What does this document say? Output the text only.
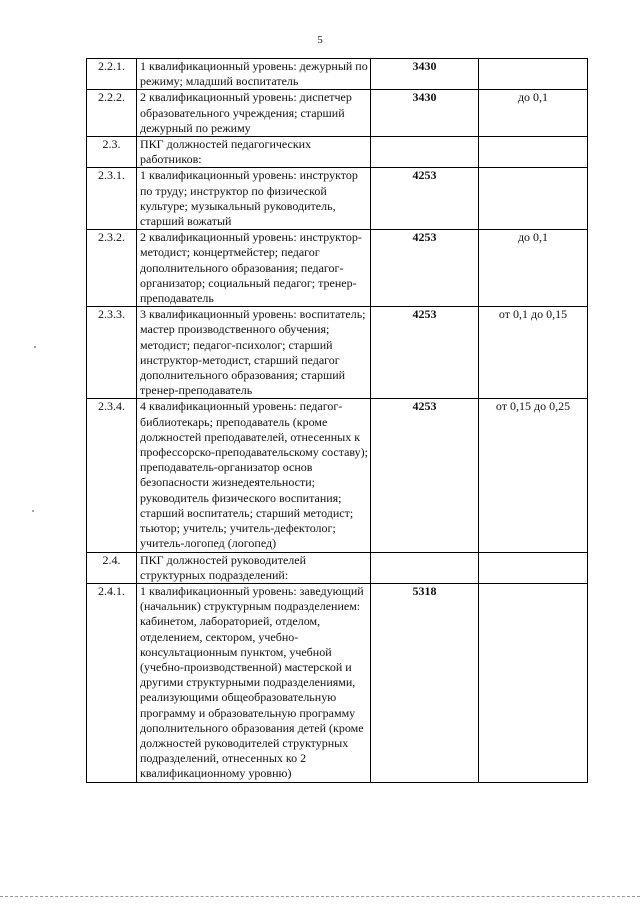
5
2.2.1.	1 квалификационный уровень: дежурный по режиму; младший воспитатель	3430	
2.2.2.	2 квалификационный уровень: диспетчер образовательного учреждения; старший дежурный по режиму	3430	до 0,1
2.3.	ПКГ должностей педагогических работников:		
2.3.1.	1 квалификационный уровень: инструктор по труду; инструктор по физической культуре; музыкальный руководитель, старший вожатый	4253	
2.3.2.	2 квалификационный уровень: инструктор-методист; концертмейстер; педагог дополнительного образования; педагог-организатор; социальный педагог; тренер-преподаватель	4253	до 0,1
2.3.3.	3 квалификационный уровень: воспитатель; мастер производственного обучения; методист; педагог-психолог; старший инструктор-методист, старший педагог дополнительного образования; старший тренер-преподаватель	4253	от 0,1 до 0,15
2.3.4.	4 квалификационный уровень: педагог-библиотекарь; преподаватель (кроме должностей преподавателей, отнесенных к профессорско-преподавательскому составу); преподаватель-организатор основ безопасности жизнедеятельности; руководитель физического воспитания; старший воспитатель; старший методист; тьютор; учитель; учитель-дефектолог; учитель-логопед (логопед)	4253	от 0,15 до 0,25
2.4.	ПКГ должностей руководителей структурных подразделений:		
2.4.1.	1 квалификационный уровень: заведующий (начальник) структурным подразделением: кабинетом, лабораторией, отделом, отделением, сектором, учебно-консультационным пунктом, учебной (учебно-производственной) мастерской и другими структурными подразделениями, реализующими общеобразовательную программу и образовательную программу дополнительного образования детей (кроме должностей руководителей структурных подразделений, отнесенных ко 2 квалификационному уровню)	5318	
